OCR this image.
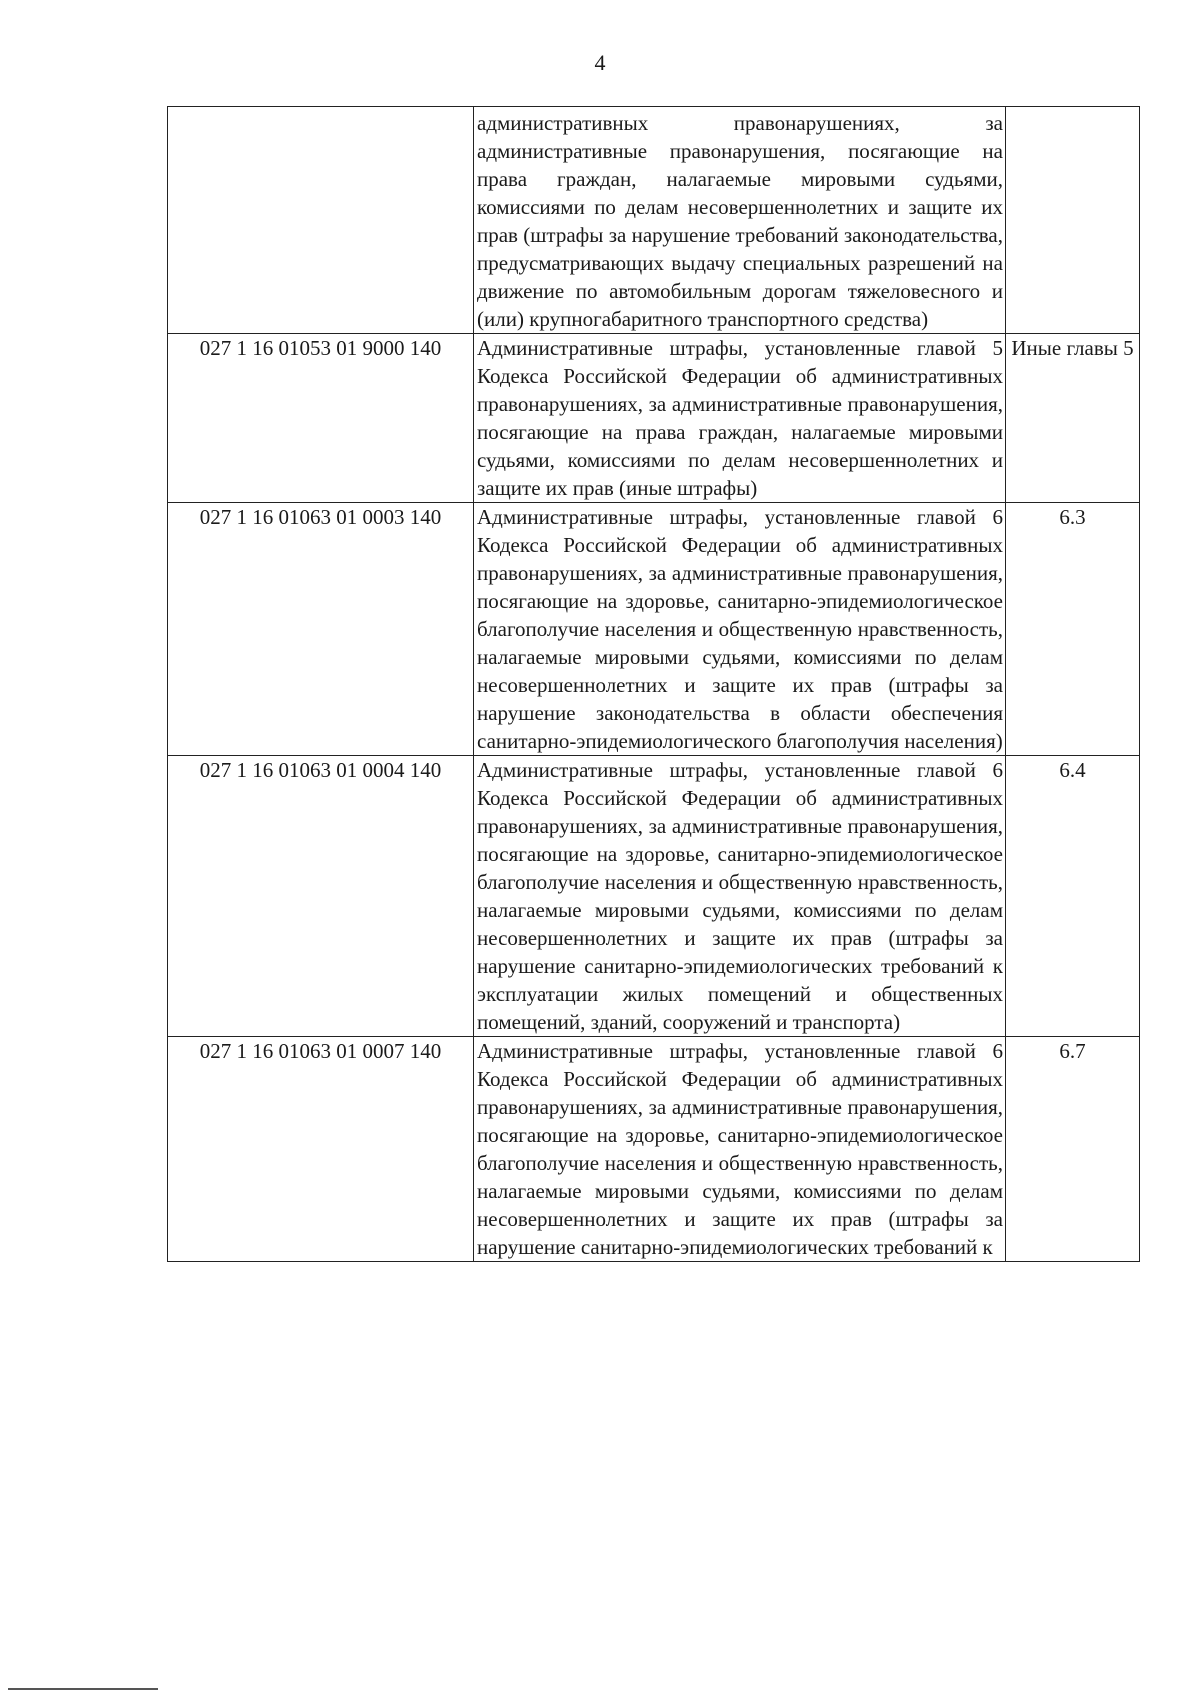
4
	административных правонарушениях, за административные правонарушения, посягающие на права граждан, налагаемые мировыми судьями, комиссиями по делам несовершеннолетних и защите их прав (штрафы за нарушение требований законодательства, предусматривающих выдачу специальных разрешений на движение по автомобильным дорогам тяжеловесного и (или) крупногабаритного транспортного средства)	
027 1 16 01053 01 9000 140	Административные штрафы, установленные главой 5 Кодекса Российской Федерации об административных правонарушениях, за административные правонарушения, посягающие на права граждан, налагаемые мировыми судьями, комиссиями по делам несовершеннолетних и защите их прав (иные штрафы)	Иные главы 5
027 1 16 01063 01 0003 140	Административные штрафы, установленные главой 6 Кодекса Российской Федерации об административных правонарушениях, за административные правонарушения, посягающие на здоровье, санитарно-эпидемиологическое благополучие населения и общественную нравственность, налагаемые мировыми судьями, комиссиями по делам несовершеннолетних и защите их прав (штрафы за нарушение законодательства в области обеспечения санитарно-эпидемиологического благополучия населения)	6.3
027 1 16 01063 01 0004 140	Административные штрафы, установленные главой 6 Кодекса Российской Федерации об административных правонарушениях, за административные правонарушения, посягающие на здоровье, санитарно-эпидемиологическое благополучие населения и общественную нравственность, налагаемые мировыми судьями, комиссиями по делам несовершеннолетних и защите их прав (штрафы за нарушение санитарно-эпидемиологических требований к эксплуатации жилых помещений и общественных помещений, зданий, сооружений и транспорта)	6.4
027 1 16 01063 01 0007 140	Административные штрафы, установленные главой 6 Кодекса Российской Федерации об административных правонарушениях, за административные правонарушения, посягающие на здоровье, санитарно-эпидемиологическое благополучие населения и общественную нравственность, налагаемые мировыми судьями, комиссиями по делам несовершеннолетних и защите их прав (штрафы за нарушение санитарно-эпидемиологических требований к	6.7
